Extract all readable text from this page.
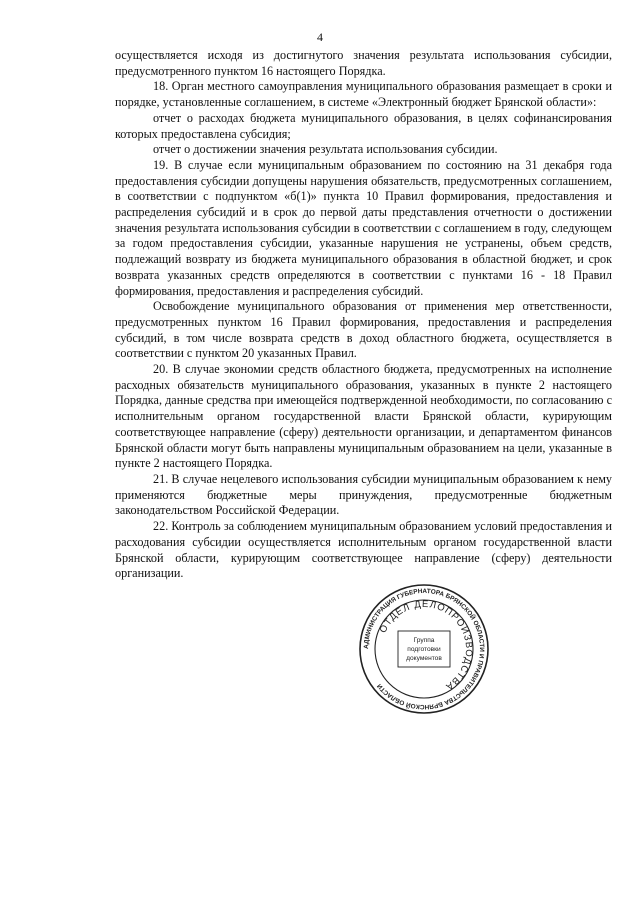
4

осуществляется исходя из достигнутого значения результата использования субсидии, предусмотренного пунктом 16 настоящего Порядка.

18. Орган местного самоуправления муниципального образования размещает в сроки и порядке, установленные соглашением, в системе «Электронный бюджет Брянской области»:

отчет о расходах бюджета муниципального образования, в целях софинансирования которых предоставлена субсидия;

отчет о достижении значения результата использования субсидии.

19. В случае если муниципальным образованием по состоянию на 31 декабря года предоставления субсидии допущены нарушения обязательств, предусмотренных соглашением, в соответствии с подпунктом «б(1)» пункта 10 Правил формирования, предоставления и распределения субсидий и в срок до первой даты представления отчетности о достижении значения результата использования субсидии в соответствии с соглашением в году, следующем за годом предоставления субсидии, указанные нарушения не устранены, объем средств, подлежащий возврату из бюджета муниципального образования в областной бюджет, и срок возврата указанных средств определяются в соответствии с пунктами 16 - 18 Правил формирования, предоставления и распределения субсидий.

Освобождение муниципального образования от применения мер ответственности, предусмотренных пунктом 16 Правил формирования, предоставления и распределения субсидий, в том числе возврата средств в доход областного бюджета, осуществляется в соответствии с пунктом 20 указанных Правил.

20. В случае экономии средств областного бюджета, предусмотренных на исполнение расходных обязательств муниципального образования, указанных в пункте 2 настоящего Порядка, данные средства при имеющейся подтвержденной необходимости, по согласованию с исполнительным органом государственной власти Брянской области, курирующим соответствующее направление (сферу) деятельности организации, и департаментом финансов Брянской области могут быть направлены муниципальным образованием на цели, указанные в пункте 2 настоящего Порядка.

21. В случае нецелевого использования субсидии муниципальным образованием к нему применяются бюджетные меры принуждения, предусмотренные бюджетным законодательством Российской Федерации.

22. Контроль за соблюдением муниципальным образованием условий предоставления и расходования субсидии осуществляется исполнительным органом государственной власти Брянской области, курирующим соответствующее направление (сферу) деятельности организации.

АДМИНИСТРАЦИЯ ГУБЕРНАТОРА БРЯНСКОЙ ОБЛАСТИ И ПРАВИТЕЛЬСТВА БРЯНСКОЙ ОБЛАСТИ
ОТДЕЛ ДЕЛОПРОИЗВОДСТВА
Группа
подготовки
документов
